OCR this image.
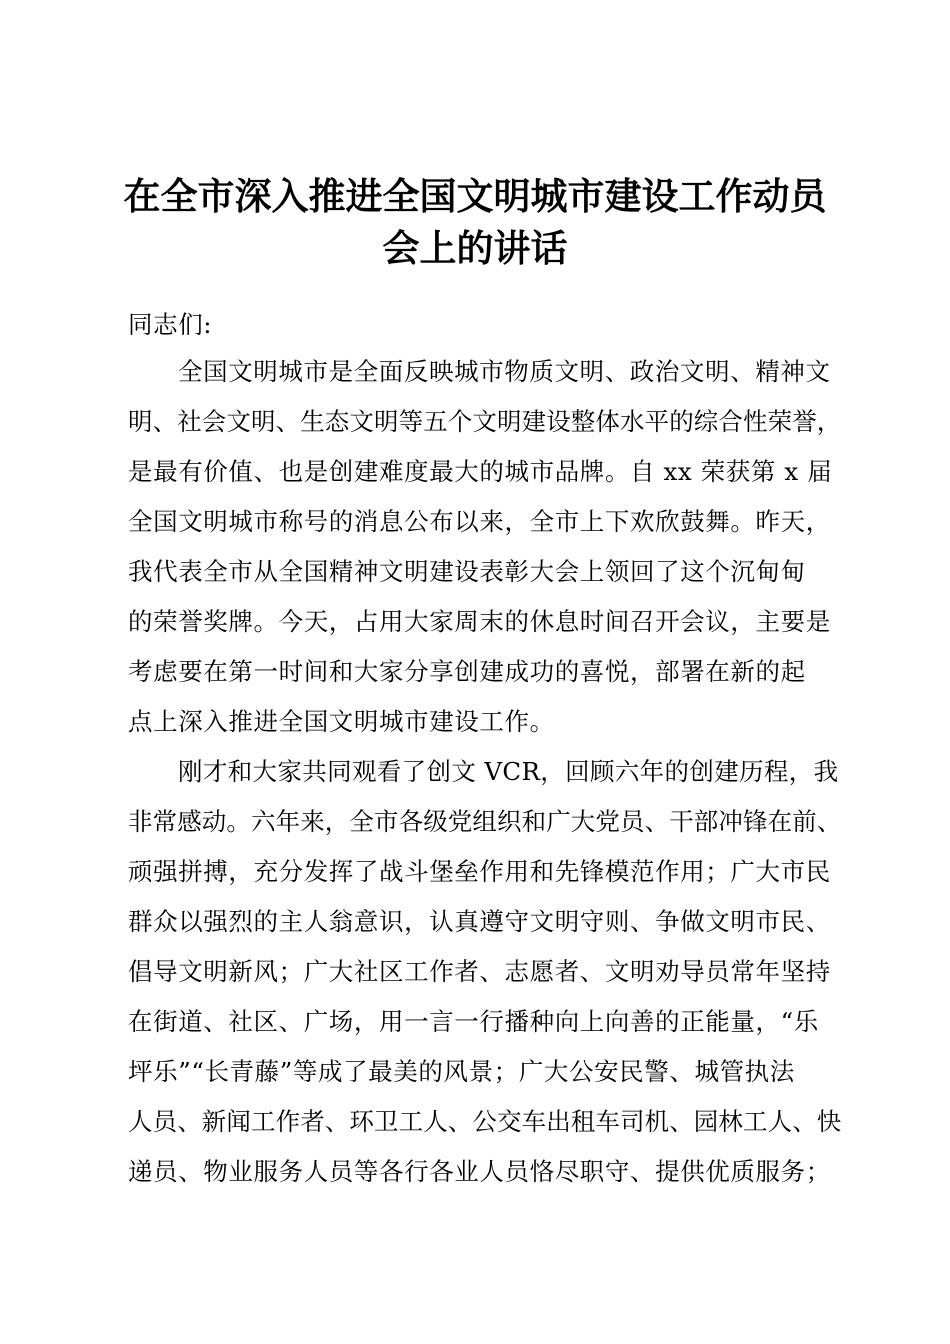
在全市深入推进全国文明城市建设工作动员
会上的讲话
同志们:
全国文明城市是全面反映城市物质文明、政治文明、精神文
明、社会文明、生态文明等五个文明建设整体水平的综合性荣誉，
是最有价值、也是创建难度最大的城市品牌。自 xx 荣获第 x 届
全国文明城市称号的消息公布以来，全市上下欢欣鼓舞。昨天，
我代表全市从全国精神文明建设表彰大会上领回了这个沉甸甸
的荣誉奖牌。今天，占用大家周末的休息时间召开会议，主要是
考虑要在第一时间和大家分享创建成功的喜悦，部署在新的起
点上深入推进全国文明城市建设工作。
刚才和大家共同观看了创文 VCR，回顾六年的创建历程，我
非常感动。六年来，全市各级党组织和广大党员、干部冲锋在前、
顽强拼搏，充分发挥了战斗堡垒作用和先锋模范作用；广大市民
群众以强烈的主人翁意识，认真遵守文明守则、争做文明市民、
倡导文明新风；广大社区工作者、志愿者、文明劝导员常年坚持
在街道、社区、广场，用一言一行播种向上向善的正能量，“乐
坪乐”“长青藤”等成了最美的风景；广大公安民警、城管执法
人员、新闻工作者、环卫工人、公交车出租车司机、园林工人、快
递员、物业服务人员等各行各业人员恪尽职守、提供优质服务；
